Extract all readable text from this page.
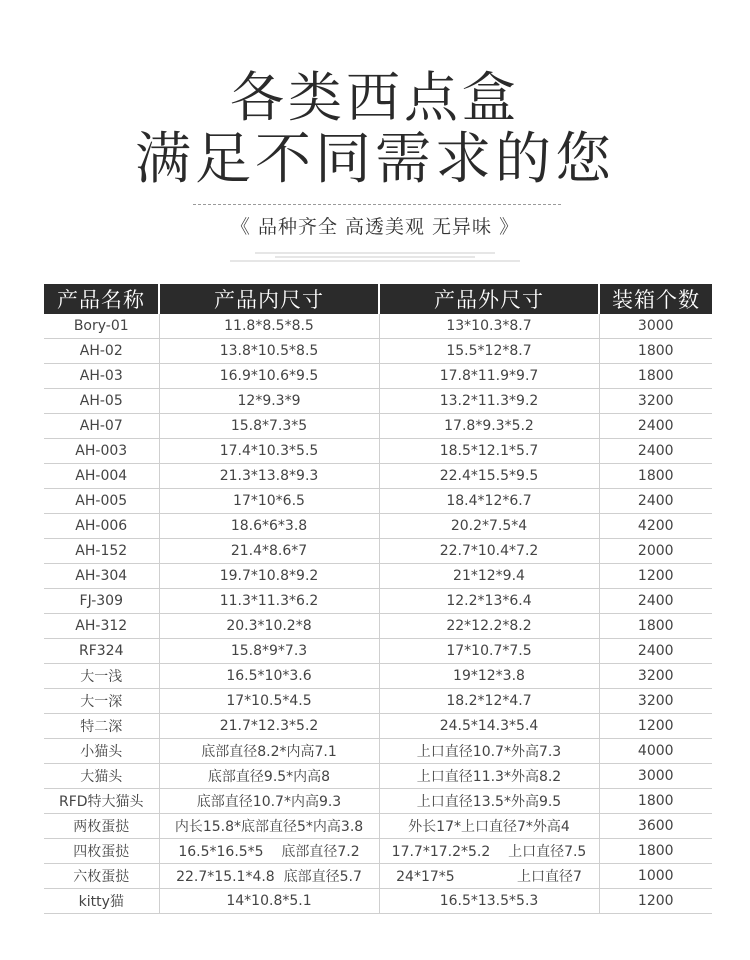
各类西点盒
满足不同需求的您
《 品种齐全 高透美观 无异味 》
产品名称	产品内尺寸	产品外尺寸	装箱个数
Bory-01	11.8*8.5*8.5	13*10.3*8.7	3000
AH-02	13.8*10.5*8.5	15.5*12*8.7	1800
AH-03	16.9*10.6*9.5	17.8*11.9*9.7	1800
AH-05	12*9.3*9	13.2*11.3*9.2	3200
AH-07	15.8*7.3*5	17.8*9.3*5.2	2400
AH-003	17.4*10.3*5.5	18.5*12.1*5.7	2400
AH-004	21.3*13.8*9.3	22.4*15.5*9.5	1800
AH-005	17*10*6.5	18.4*12*6.7	2400
AH-006	18.6*6*3.8	20.2*7.5*4	4200
AH-152	21.4*8.6*7	22.7*10.4*7.2	2000
AH-304	19.7*10.8*9.2	21*12*9.4	1200
FJ-309	11.3*11.3*6.2	12.2*13*6.4	2400
AH-312	20.3*10.2*8	22*12.2*8.2	1800
RF324	15.8*9*7.3	17*10.7*7.5	2400
大一浅	16.5*10*3.6	19*12*3.8	3200
大一深	17*10.5*4.5	18.2*12*4.7	3200
特二深	21.7*12.3*5.2	24.5*14.3*5.4	1200
小猫头	底部直径8.2*内高7.1	上口直径10.7*外高7.3	4000
大猫头	底部直径9.5*内高8	上口直径11.3*外高8.2	3000
RFD特大猫头	底部直径10.7*内高9.3	上口直径13.5*外高9.5	1800
两枚蛋挞	内长15.8*底部直径5*内高3.8	外长17*上口直径7*外高4	3600
四枚蛋挞	16.5*16.5*5    底部直径7.2	17.7*17.2*5.2    上口直径7.5	1800
六枚蛋挞	22.7*15.1*4.8  底部直径5.7	24*17*5              上口直径7	1000
kitty猫	14*10.8*5.1	16.5*13.5*5.3	1200
